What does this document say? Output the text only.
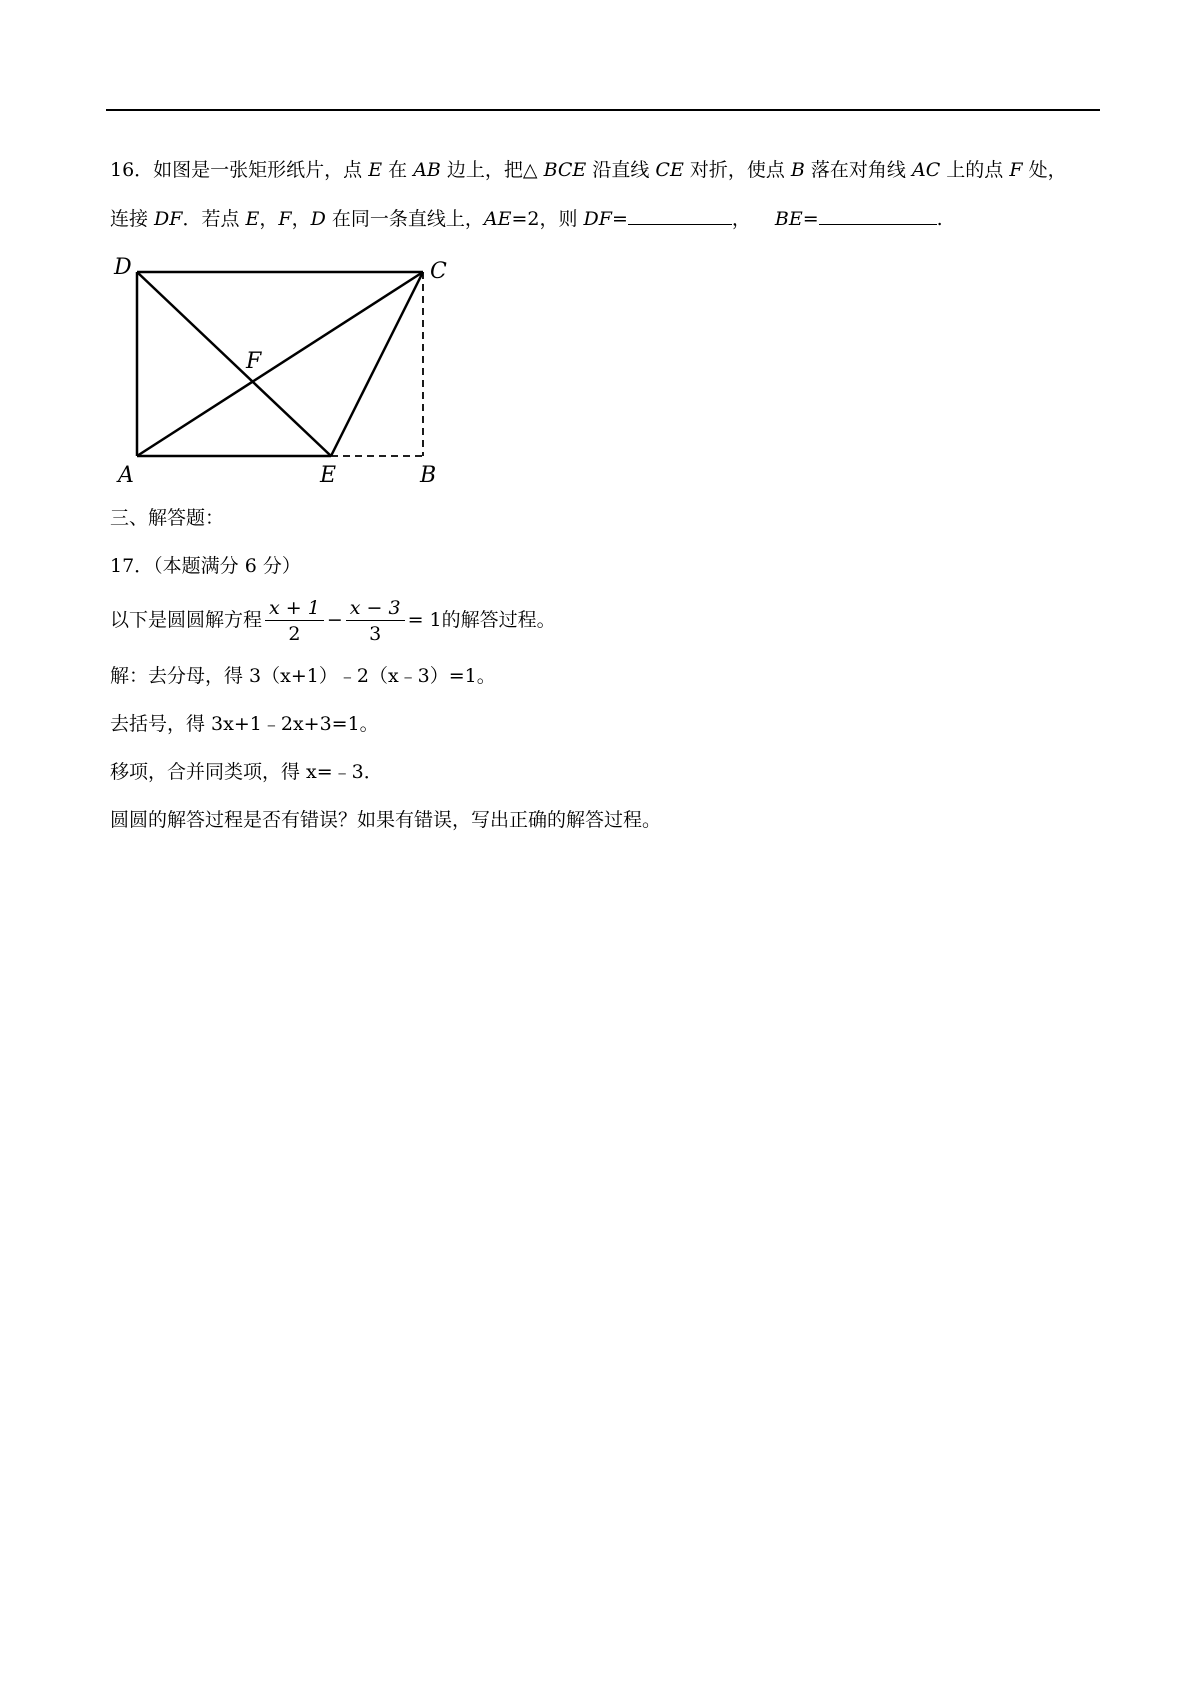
16．如图是一张矩形纸片，点 E 在 AB 边上，把△ BCE 沿直线 CE 对折，使点 B 落在对角线 AC 上的点 F 处，
连接 DF．若点 E，F，D 在同一条直线上，AE=2，则 DF=	， BE=	.
D	C
F
A	E	B
三、解答题：
17．（本题满分 6 分）
以下是圆圆解方程 $\frac{x + 1}{2} - \frac{x - 3}{3} = 1$的解答过程。
解：去分母，得 3（x+1）﹣2（x﹣3）=1。
去括号，得 3x+1﹣2x+3=1。
移项，合并同类项，得 x=﹣3．
圆圆的解答过程是否有错误？如果有错误，写出正确的解答过程。
